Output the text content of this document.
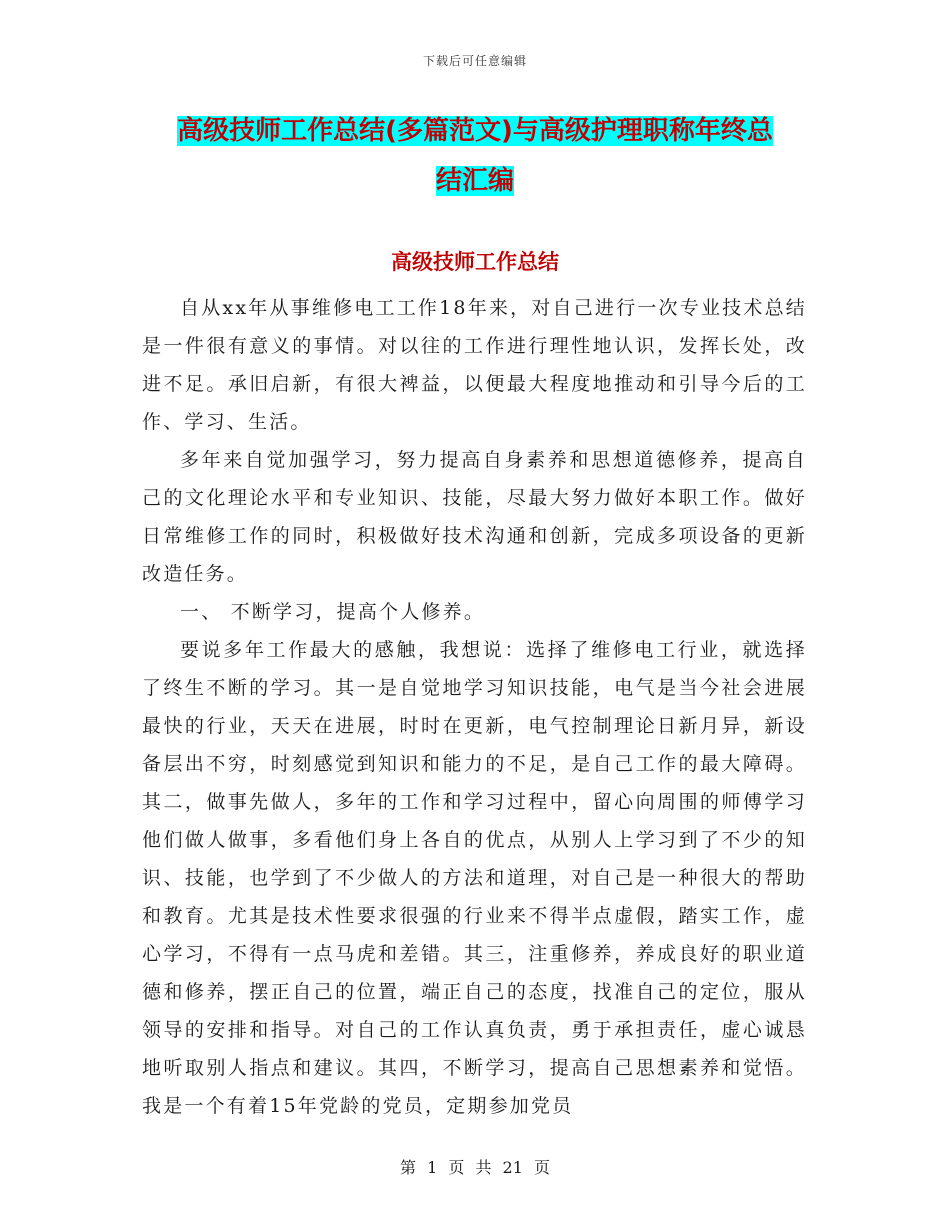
下载后可任意编辑
高级技师工作总结(多篇范文)与高级护理职称年终总
结汇编
高级技师工作总结

自从xx年从事维修电工工作18年来，对自己进行一次专业技术总结是一件很有意义的事情。对以往的工作进行理性地认识，发挥长处，改进不足。承旧启新，有很大裨益，以便最大程度地推动和引导今后的工作、学习、生活。

多年来自觉加强学习，努力提高自身素养和思想道德修养，提高自己的文化理论水平和专业知识、技能，尽最大努力做好本职工作。做好日常维修工作的同时，积极做好技术沟通和创新，完成多项设备的更新改造任务。

一、 不断学习，提高个人修养。

要说多年工作最大的感触，我想说：选择了维修电工行业，就选择了终生不断的学习。其一是自觉地学习知识技能，电气是当今社会进展最快的行业，天天在进展，时时在更新，电气控制理论日新月异，新设备层出不穷，时刻感觉到知识和能力的不足，是自己工作的最大障碍。其二，做事先做人，多年的工作和学习过程中，留心向周围的师傅学习他们做人做事，多看他们身上各自的优点，从别人上学习到了不少的知识、技能，也学到了不少做人的方法和道理，对自己是一种很大的帮助和教育。尤其是技术性要求很强的行业来不得半点虚假，踏实工作，虚心学习，不得有一点马虎和差错。其三，注重修养，养成良好的职业道德和修养，摆正自己的位置，端正自己的态度，找准自己的定位，服从领导的安排和指导。对自己的工作认真负责，勇于承担责任，虚心诚恳地听取别人指点和建议。其四，不断学习，提高自己思想素养和觉悟。我是一个有着15年党龄的党员，定期参加党员

第 1 页 共 21 页
